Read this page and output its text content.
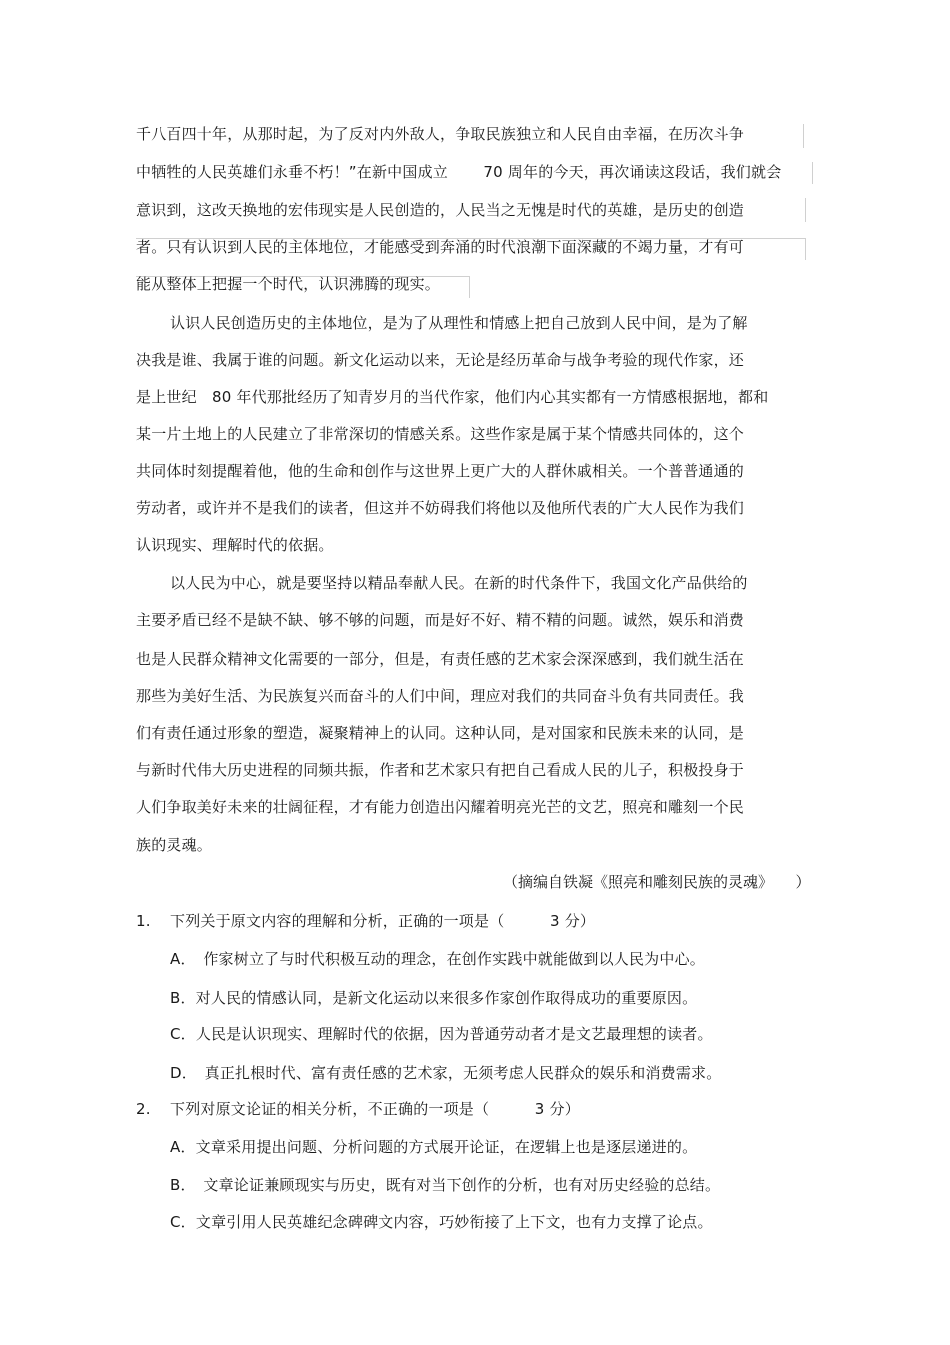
千八百四十年，从那时起，为了反对内外敌人，争取民族独立和人民自由幸福，在历次斗争
中牺牲的人民英雄们永垂不朽！”在新中国成立　　 70 周年的今天，再次诵读这段话，我们就会
意识到，这改天换地的宏伟现实是人民创造的，人民当之无愧是时代的英雄，是历史的创造
者。只有认识到人民的主体地位，才能感受到奔涌的时代浪潮下面深藏的不竭力量，才有可
能从整体上把握一个时代，认识沸腾的现实。
认识人民创造历史的主体地位，是为了从理性和情感上把自己放到人民中间，是为了解
决我是谁、我属于谁的问题。新文化运动以来，无论是经历革命与战争考验的现代作家，还
是上世纪　80 年代那批经历了知青岁月的当代作家，他们内心其实都有一方情感根据地，都和
某一片土地上的人民建立了非常深切的情感关系。这些作家是属于某个情感共同体的，这个
共同体时刻提醒着他，他的生命和创作与这世界上更广大的人群休戚相关。一个普普通通的
劳动者，或许并不是我们的读者，但这并不妨碍我们将他以及他所代表的广大人民作为我们
认识现实、理解时代的依据。
以人民为中心，就是要坚持以精品奉献人民。在新的时代条件下，我国文化产品供给的
主要矛盾已经不是缺不缺、够不够的问题，而是好不好、精不精的问题。诚然，娱乐和消费
也是人民群众精神文化需要的一部分，但是，有责任感的艺术家会深深感到，我们就生活在
那些为美好生活、为民族复兴而奋斗的人们中间，理应对我们的共同奋斗负有共同责任。我
们有责任通过形象的塑造，凝聚精神上的认同。这种认同，是对国家和民族未来的认同，是
与新时代伟大历史进程的同频共振，作者和艺术家只有把自己看成人民的儿子，积极投身于
人们争取美好未来的壮阔征程，才有能力创造出闪耀着明亮光芒的文艺，照亮和雕刻一个民
族的灵魂。
（摘编自铁凝《照亮和雕刻民族的灵魂》　　）
1. 下列关于原文内容的理解和分析，正确的一项是（　　　3 分）
A．　作家树立了与时代积极互动的理念，在创作实践中就能做到以人民为中心。
B．对人民的情感认同，是新文化运动以来很多作家创作取得成功的重要原因。
C．人民是认识现实、理解时代的依据，因为普通劳动者才是文艺最理想的读者。
D．　真正扎根时代、富有责任感的艺术家，无须考虑人民群众的娱乐和消费需求。
2. 下列对原文论证的相关分析，不正确的一项是（　　　3 分）
A．文章采用提出问题、分析问题的方式展开论证，在逻辑上也是逐层递进的。
B．　文章论证兼顾现实与历史，既有对当下创作的分析，也有对历史经验的总结。
C．文章引用人民英雄纪念碑碑文内容，巧妙衔接了上下文，也有力支撑了论点。
